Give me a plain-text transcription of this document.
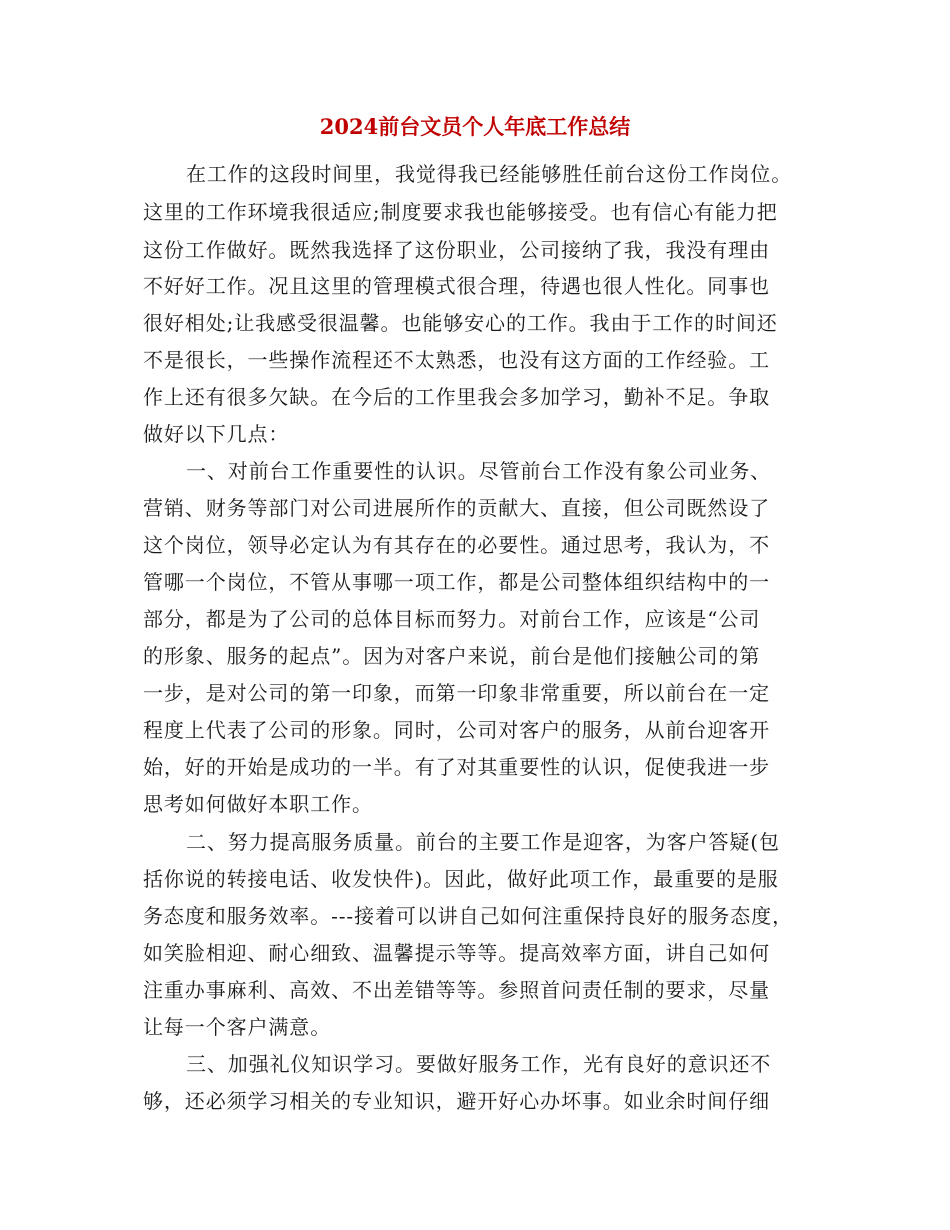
2024前台文员个人年底工作总结
在工作的这段时间里，我觉得我已经能够胜任前台这份工作岗位。
这里的工作环境我很适应;制度要求我也能够接受。也有信心有能力把
这份工作做好。既然我选择了这份职业，公司接纳了我，我没有理由
不好好工作。况且这里的管理模式很合理，待遇也很人性化。同事也
很好相处;让我感受很温馨。也能够安心的工作。我由于工作的时间还
不是很长，一些操作流程还不太熟悉，也没有这方面的工作经验。工
作上还有很多欠缺。在今后的工作里我会多加学习，勤补不足。争取
做好以下几点：
一、对前台工作重要性的认识。尽管前台工作没有象公司业务、
营销、财务等部门对公司进展所作的贡献大、直接，但公司既然设了
这个岗位，领导必定认为有其存在的必要性。通过思考，我认为，不
管哪一个岗位，不管从事哪一项工作，都是公司整体组织结构中的一
部分，都是为了公司的总体目标而努力。对前台工作，应该是“公司
的形象、服务的起点”。因为对客户来说，前台是他们接触公司的第
一步，是对公司的第一印象，而第一印象非常重要，所以前台在一定
程度上代表了公司的形象。同时，公司对客户的服务，从前台迎客开
始，好的开始是成功的一半。有了对其重要性的认识，促使我进一步
思考如何做好本职工作。
二、努力提高服务质量。前台的主要工作是迎客，为客户答疑(包
括你说的转接电话、收发快件)。因此，做好此项工作，最重要的是服
务态度和服务效率。---接着可以讲自己如何注重保持良好的服务态度，
如笑脸相迎、耐心细致、温馨提示等等。提高效率方面，讲自己如何
注重办事麻利、高效、不出差错等等。参照首问责任制的要求，尽量
让每一个客户满意。
三、加强礼仪知识学习。要做好服务工作，光有良好的意识还不
够，还必须学习相关的专业知识，避开好心办坏事。如业余时间仔细
